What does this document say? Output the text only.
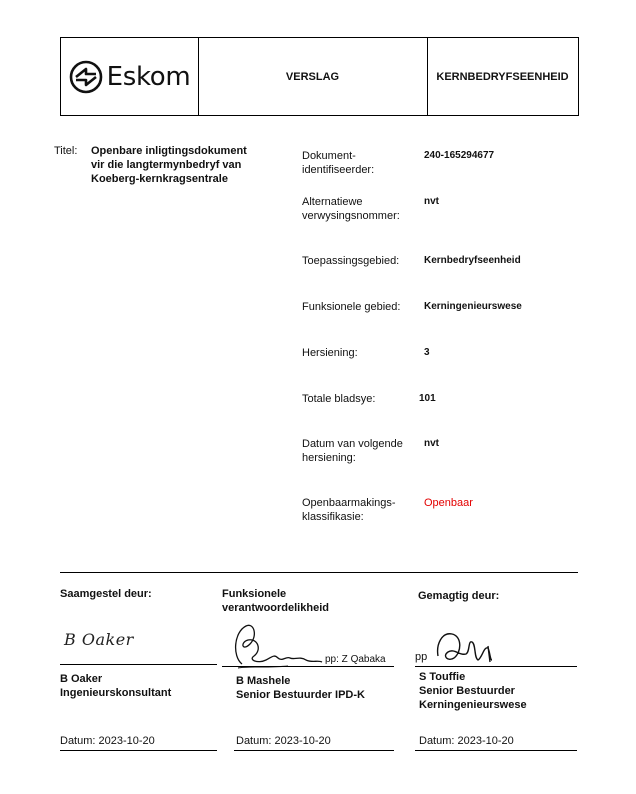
Eskom	VERSLAG	KERNBEDRYFSEENHEID
Titel: Openbare inligtingsdokument
vir die langtermynbedryf van
Koeberg-kernkragsentrale
Dokument-
identifiseerder:
240-165294677
Alternatiewe
verwysingsnommer:
nvt
Toepassingsgebied: Kernbedryfseenheid
Funksionele gebied: Kerningenieurswese
Hersiening:	3
Totale bladsye:	101
Datum van volgende
hersiening:
nvt
Openbaarmakings-
klassifikasie:
Openbaar
Saamgestel deur:
B Oaker
B Oaker
Ingenieurskonsultant
Datum: 2023-10-20
Funksionele
verantwoordelikheid
pp: Z Qabaka
B Mashele
Senior Bestuurder IPD-K
Datum: 2023-10-20
Gemagtig deur:
pp
S Touffie
Senior Bestuurder
Kerningenieurswese
Datum: 2023-10-20
